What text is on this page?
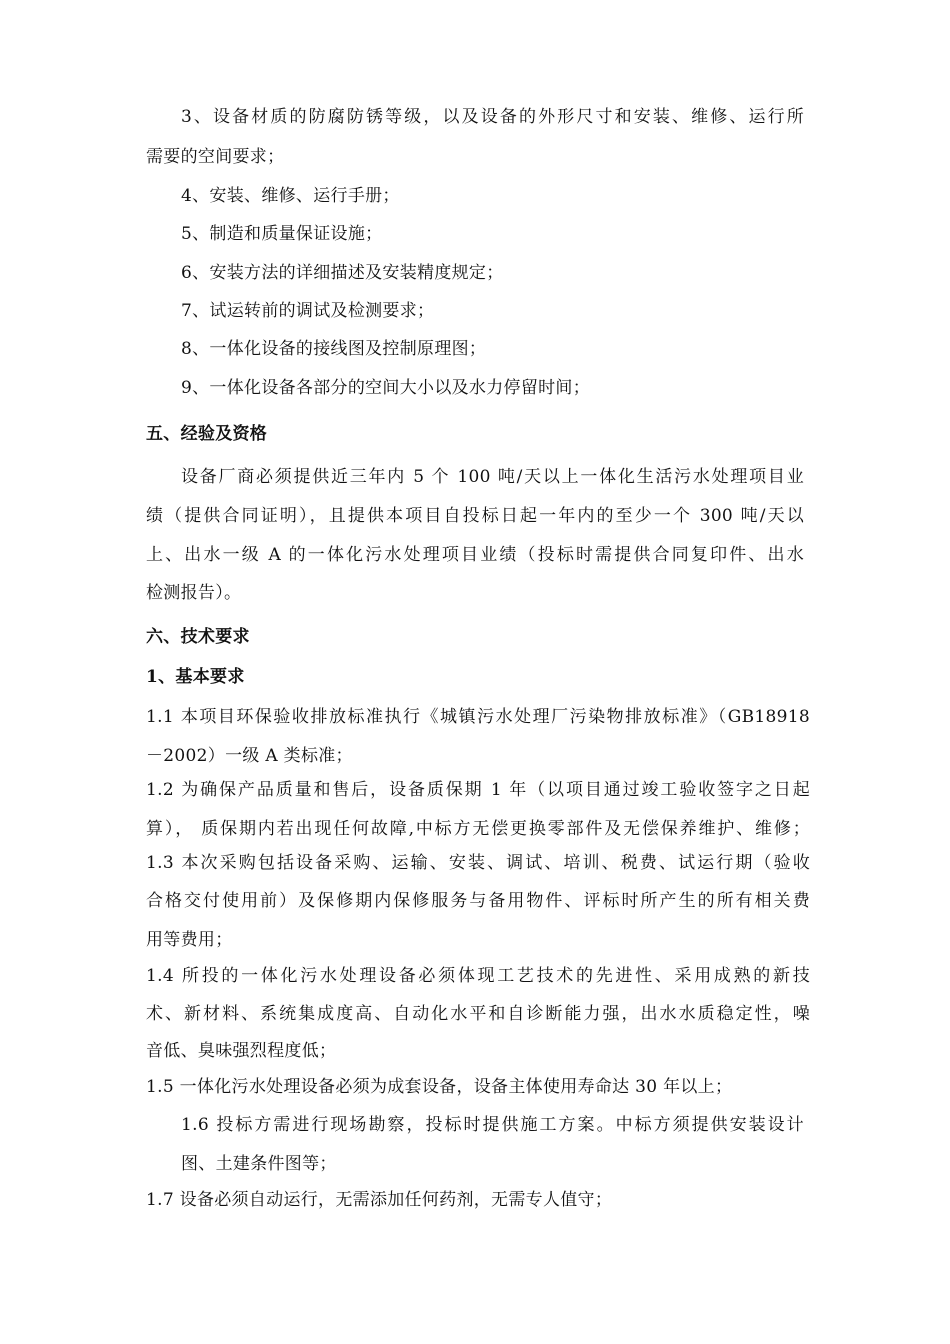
3、设备材质的防腐防锈等级，以及设备的外形尺寸和安装、维修、运行所
需要的空间要求；
4、安装、维修、运行手册；
5、制造和质量保证设施；
6、安装方法的详细描述及安装精度规定；
7、试运转前的调试及检测要求；
8、一体化设备的接线图及控制原理图；
9、一体化设备各部分的空间大小以及水力停留时间；
五、经验及资格
设备厂商必须提供近三年内 5 个 100 吨/天以上一体化生活污水处理项目业
绩（提供合同证明），且提供本项目自投标日起一年内的至少一个 300 吨/天以
上、出水一级 A 的一体化污水处理项目业绩（投标时需提供合同复印件、出水
检测报告）。
六、技术要求
1、基本要求
1.1 本项目环保验收排放标准执行《城镇污水处理厂污染物排放标准》（GB18918
－2002）一级 A 类标准；
1.2 为确保产品质量和售后，设备质保期 1 年（以项目通过竣工验收签字之日起
算）， 质保期内若出现任何故障,中标方无偿更换零部件及无偿保养维护、维修；
1.3 本次采购包括设备采购、运输、安装、调试、培训、税费、试运行期（验收
合格交付使用前）及保修期内保修服务与备用物件、评标时所产生的所有相关费
用等费用；
1.4 所投的一体化污水处理设备必须体现工艺技术的先进性、采用成熟的新技
术、新材料、系统集成度高、自动化水平和自诊断能力强，出水水质稳定性，噪
音低、臭味强烈程度低；
1.5 一体化污水处理设备必须为成套设备，设备主体使用寿命达 30 年以上；
1.6 投标方需进行现场勘察，投标时提供施工方案。中标方须提供安装设计
图、土建条件图等；
1.7 设备必须自动运行，无需添加任何药剂，无需专人值守；
